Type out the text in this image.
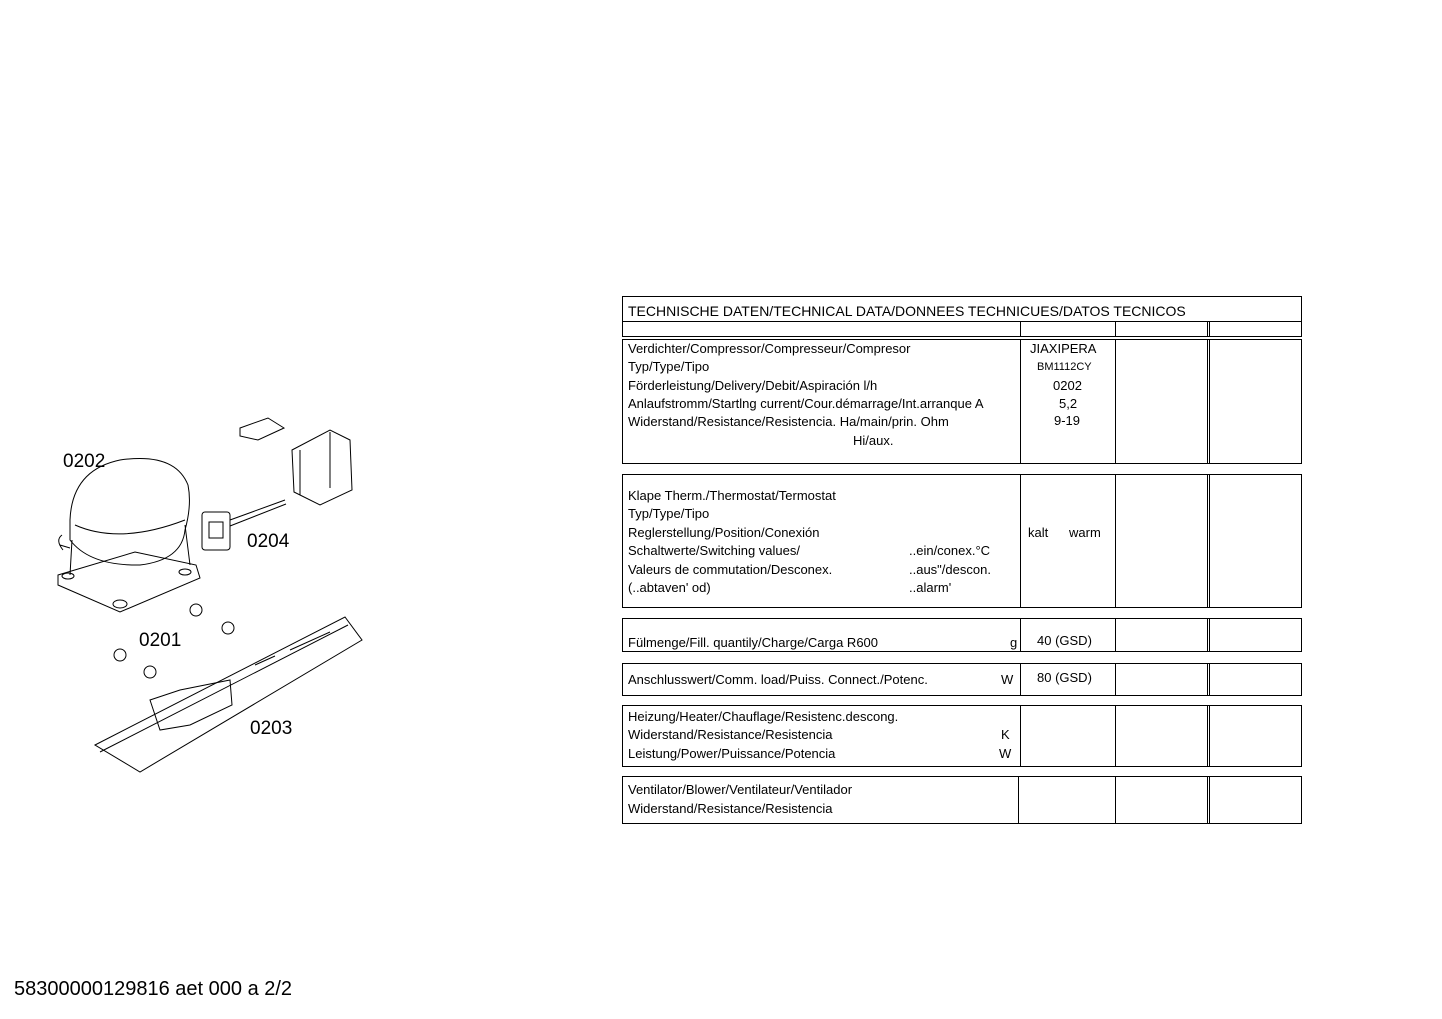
0202
0204
0201
0203
TECHNISCHE DATEN/TECHNICAL DATA/DONNEES TECHNICUES/DATOS TECNICOS
Verdichter/Compressor/Compresseur/Compresor
Typ/Type/Tipo
Förderleistung/Delivery/Debit/Aspiración l/h
Anlaufstromm/Startlng current/Cour.démarrage/Int.arranque A
Widerstand/Resistance/Resistencia. Ha/main/prin. Ohm
Hi/aux.
JIAXIPERA
BM1112CY
0202
5,2
9-19
Klape Therm./Thermostat/Termostat
Typ/Type/Tipo
Reglerstellung/Position/Conexión
Schaltwerte/Switching values/
Valeurs de commutation/Desconex.
(..abtaven' od)
..ein/conex.°C
..aus"/descon.
..alarm'
kalt warm
Fülmenge/Fill. quantily/Charge/Carga R600	g 40 (GSD)
Anschlusswert/Comm. load/Puiss. Connect./Potenc.	W 80 (GSD)
Heizung/Heater/Chauflage/Resistenc.descong.
Widerstand/Resistance/Resistencia
Leistung/Power/Puissance/Potencia
K
W
Ventilator/Blower/Ventilateur/Ventilador
Widerstand/Resistance/Resistencia
58300000129816 aet 000 a 2/2
